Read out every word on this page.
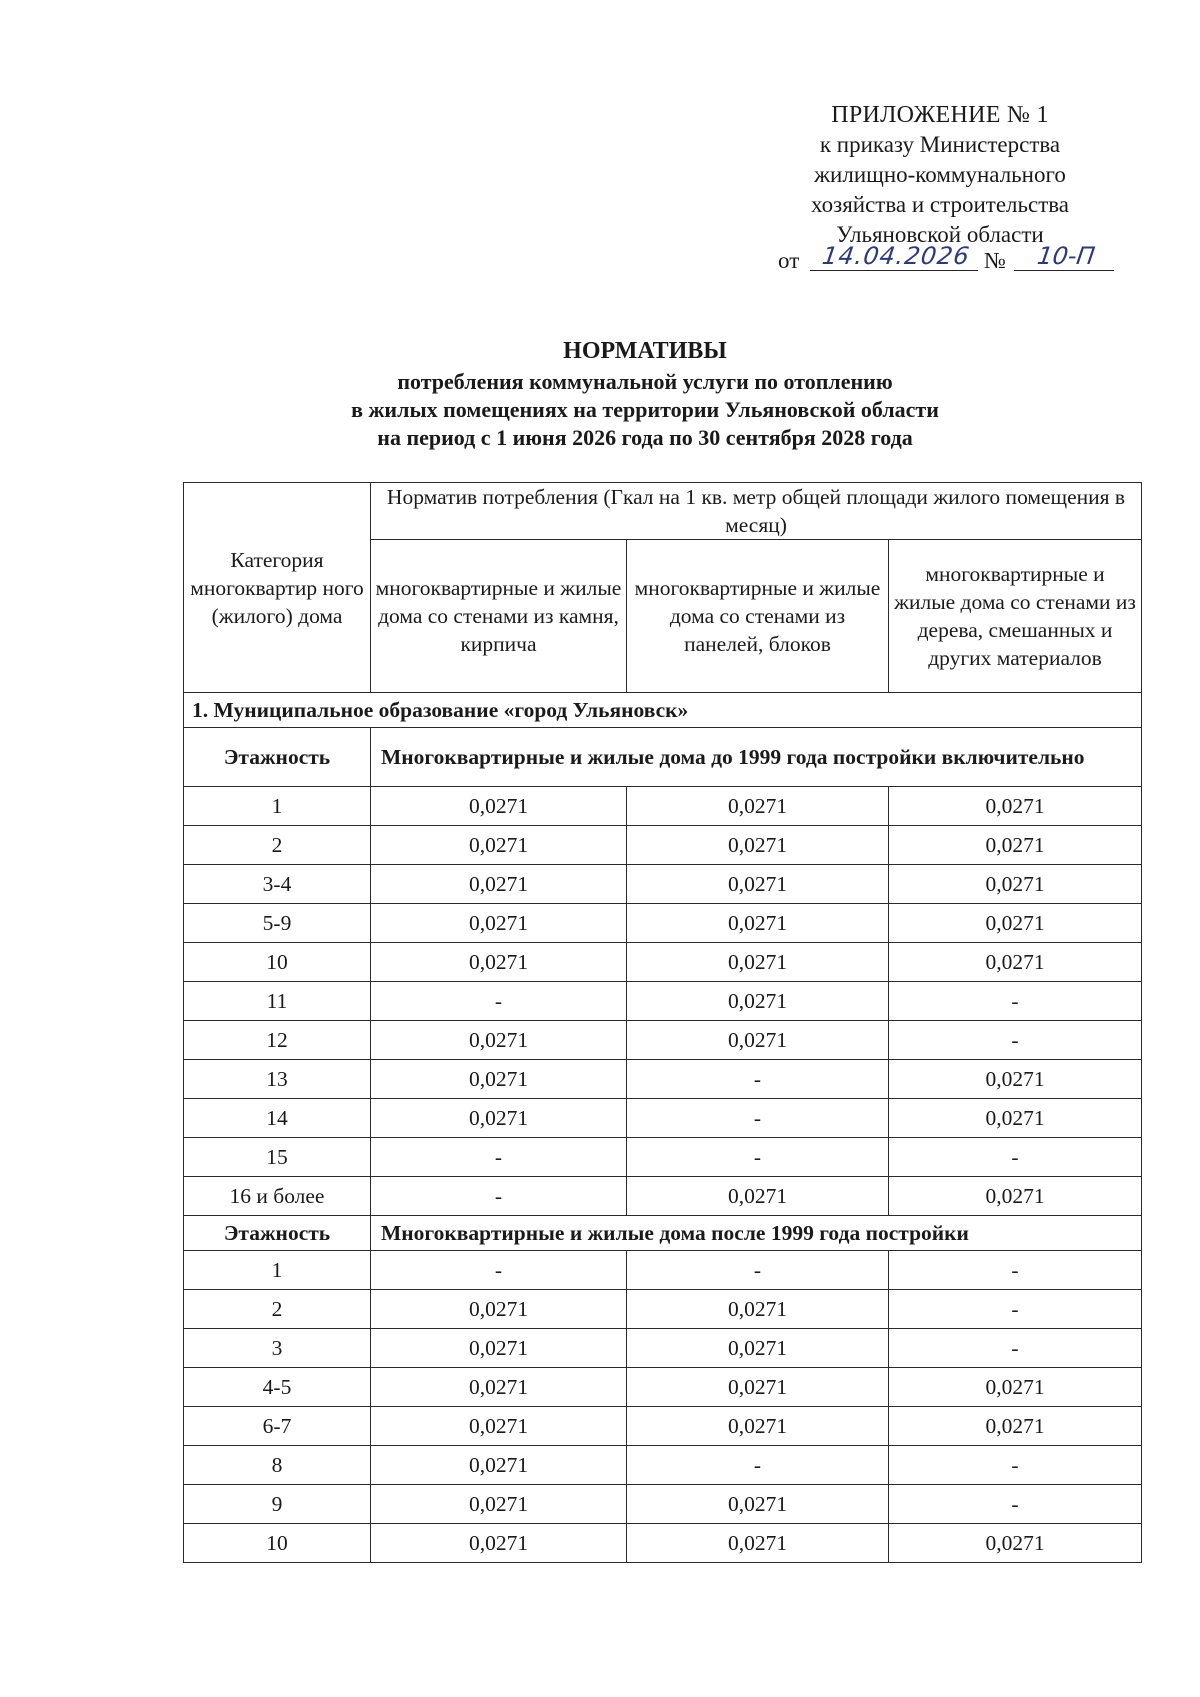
ПРИЛОЖЕНИЕ № 1
к приказу Министерства
жилищно-коммунального
хозяйства и строительства
Ульяновской области
от 14.04.2026 №	10-П
НОРМАТИВЫ
потребления коммунальной услуги по отоплению
в жилых помещениях на территории Ульяновской области
на период с 1 июня 2026 года по 30 сентября 2028 года
Категория многоквартир ного (жилого) дома	Норматив потребления (Гкал на 1 кв. метр общей площади жилого помещения в месяц)		
	многоквартирные и жилые дома со стенами из камня, кирпича	многоквартирные и жилые дома со стенами из панелей, блоков	многоквартирные и жилые дома со стенами из дерева, смешанных и других материалов
1. Муниципальное образование «город Ульяновск»			
Этажность	Многоквартирные и жилые дома до 1999 года постройки включительно		
1	0,0271	0,0271	0,0271
2	0,0271	0,0271	0,0271
3-4	0,0271	0,0271	0,0271
5-9	0,0271	0,0271	0,0271
10	0,0271	0,0271	0,0271
11	-	0,0271	-
12	0,0271	0,0271	-
13	0,0271	-	0,0271
14	0,0271	-	0,0271
15	-	-	-
16 и более	-	0,0271	0,0271
Этажность	Многоквартирные и жилые дома после 1999 года постройки		
1	-	-	-
2	0,0271	0,0271	-
3	0,0271	0,0271	-
4-5	0,0271	0,0271	0,0271
6-7	0,0271	0,0271	0,0271
8	0,0271	-	-
9	0,0271	0,0271	-
10	0,0271	0,0271	0,0271
